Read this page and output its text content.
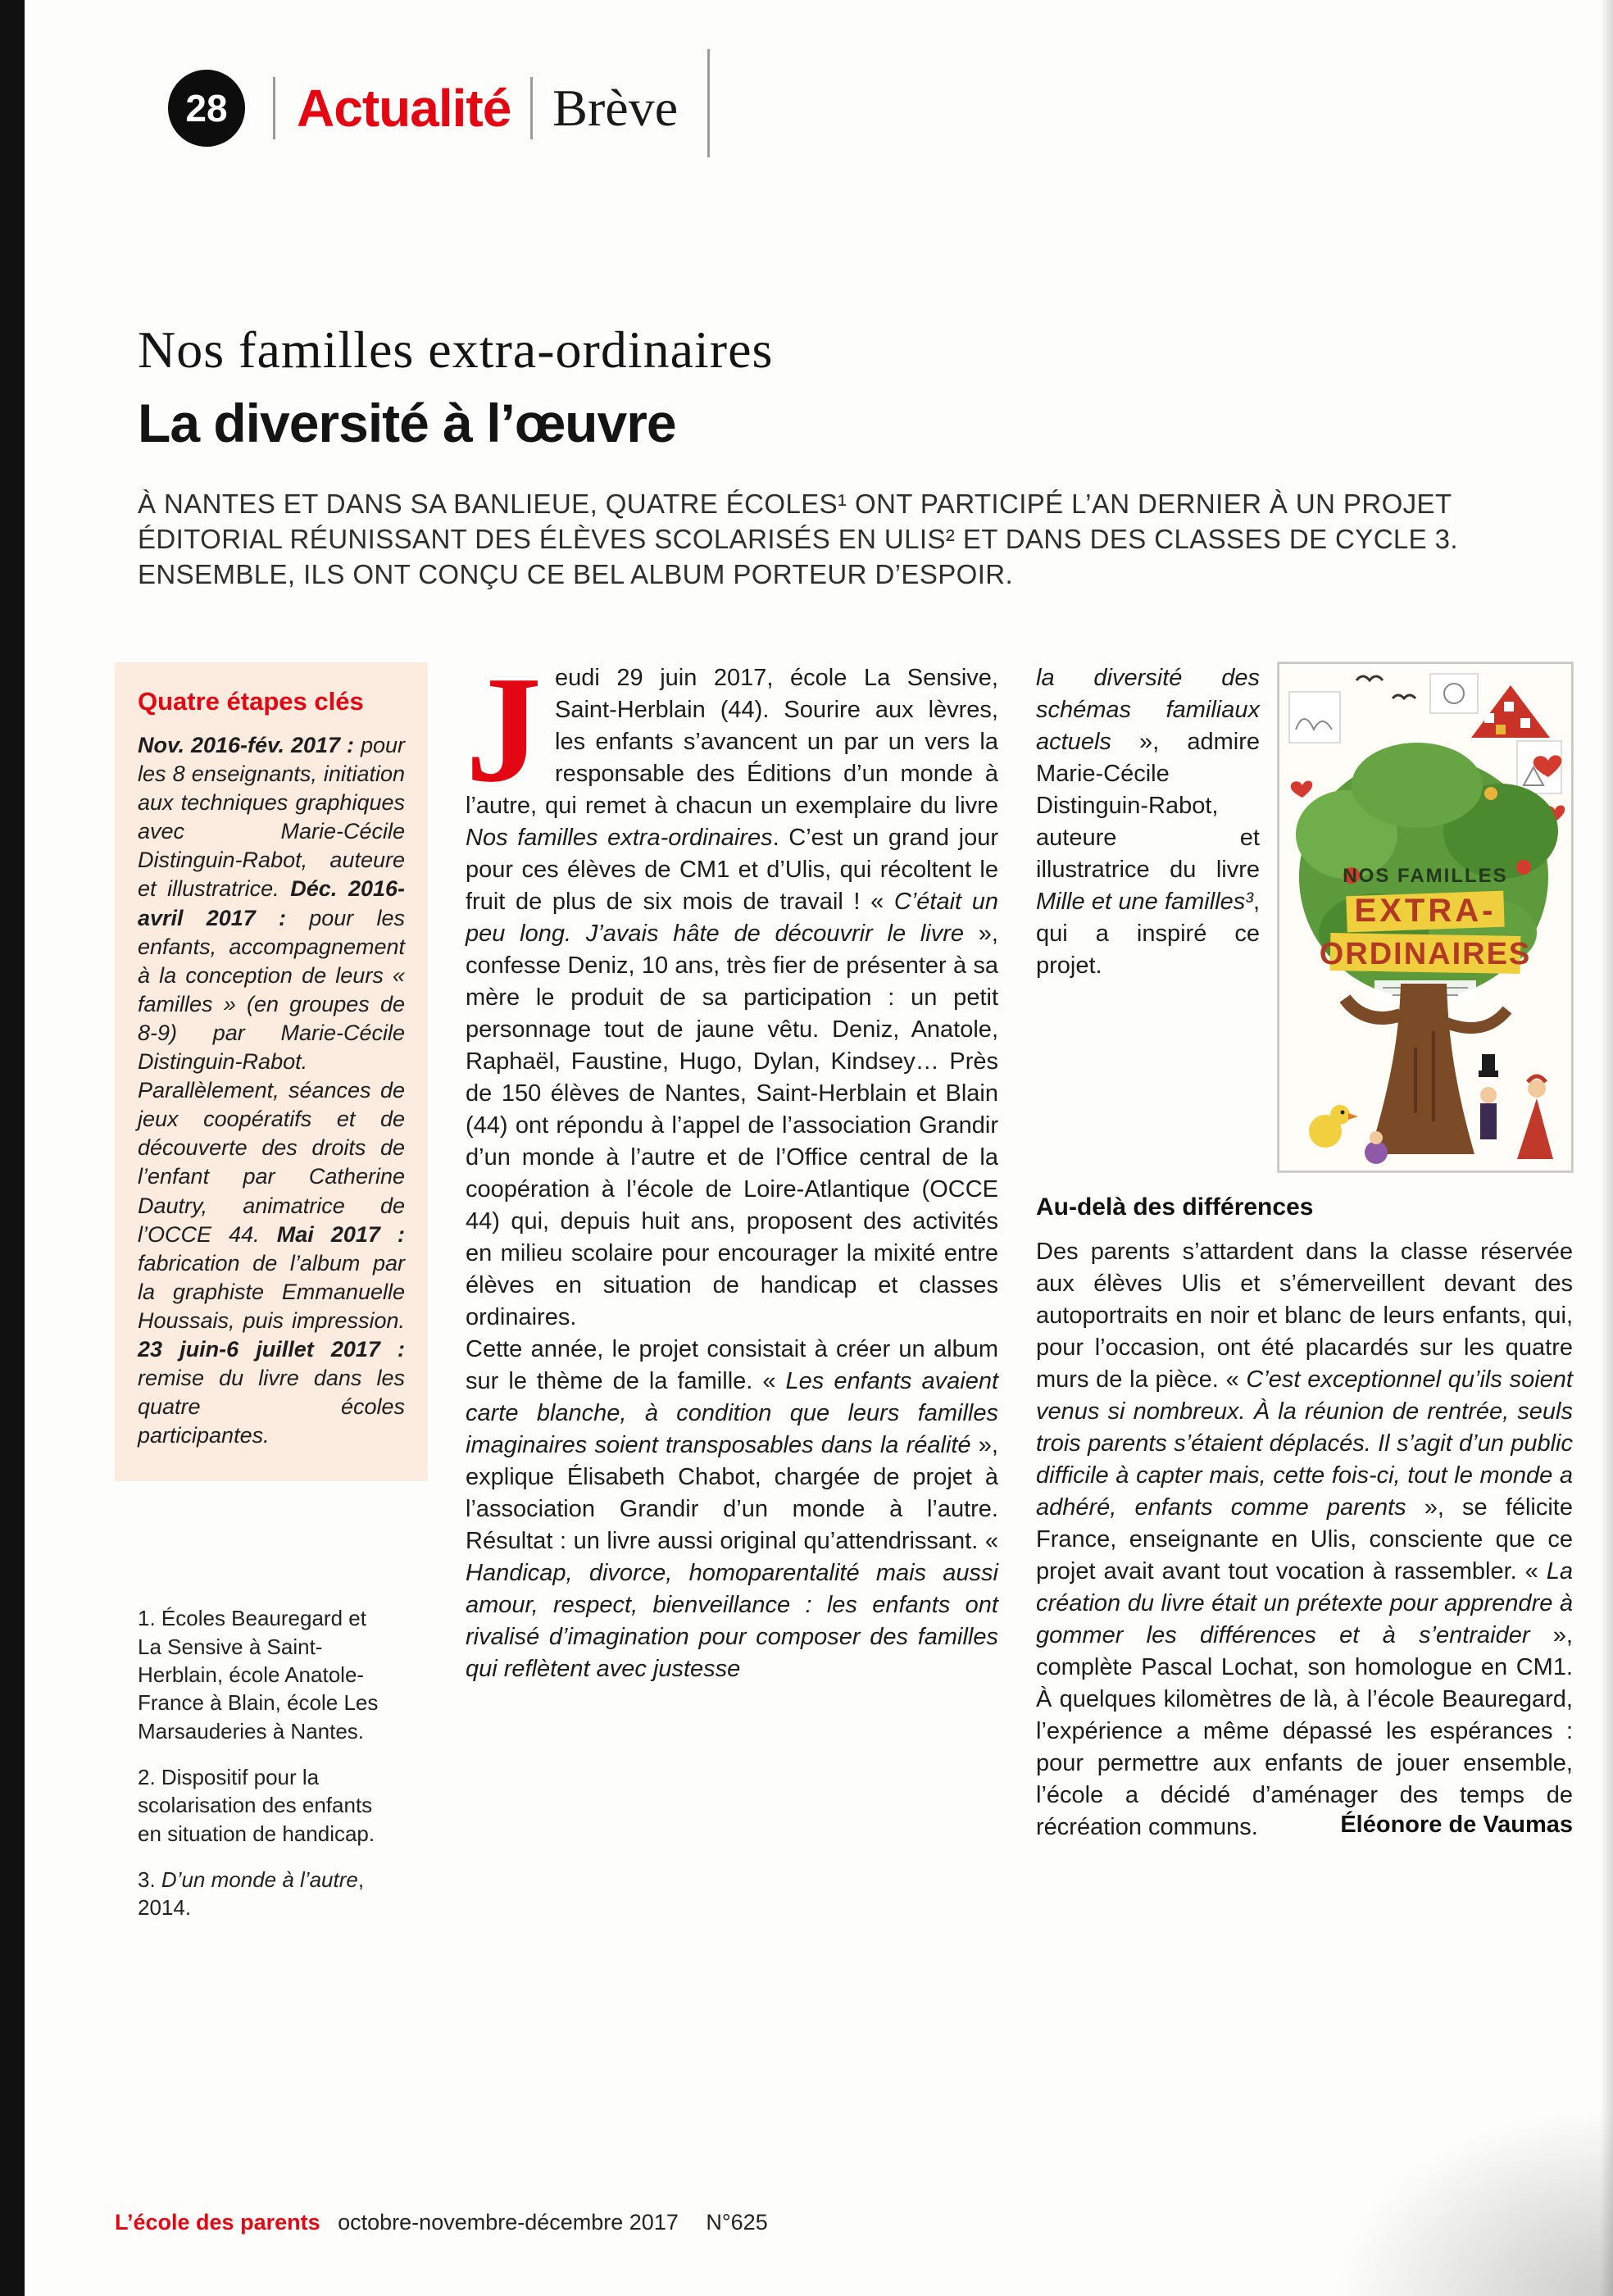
28	Actualité Brève
Nos familles extra-ordinaires
La diversité à l’œuvre

À NANTES ET DANS SA BANLIEUE, QUATRE ÉCOLES¹ ONT PARTICIPÉ L’AN DERNIER À UN PROJET ÉDITORIAL RÉUNISSANT DES ÉLÈVES SCOLARISÉS EN ULIS² ET DANS DES CLASSES DE CYCLE 3. ENSEMBLE, ILS ONT CONÇU CE BEL ALBUM PORTEUR D’ESPOIR.

Quatre étapes clés

Nov. 2016-fév. 2017 : pour les 8 enseignants, initiation aux techniques graphiques avec Marie-Cécile Distinguin-Rabot, auteure et illustratrice. Déc. 2016-avril 2017 : pour les enfants, accompagnement à la conception de leurs « familles » (en groupes de 8-9) par Marie-Cécile Distinguin-Rabot. Parallèlement, séances de jeux coopératifs et de découverte des droits de l’enfant par Catherine Dautry, animatrice de l’OCCE 44. Mai 2017 : fabrication de l’album par la graphiste Emmanuelle Houssais, puis impression. 23 juin-6 juillet 2017 : remise du livre dans les quatre écoles participantes.

1. Écoles Beauregard et La Sensive à Saint-Herblain, école Anatole-France à Blain, école Les Marsauderies à Nantes.

2. Dispositif pour la scolarisation des enfants en situation de handicap.

3. D’un monde à l’autre, 2014.

Jeudi 29 juin 2017, école La Sensive, Saint-Herblain (44). Sourire aux lèvres, les enfants s’avancent un par un vers la responsable des Éditions d’un monde à l’autre, qui remet à chacun un exemplaire du livre Nos familles extra-ordinaires. C’est un grand jour pour ces élèves de CM1 et d’Ulis, qui récoltent le fruit de plus de six mois de travail ! « C’était un peu long. J’avais hâte de découvrir le livre », confesse Deniz, 10 ans, très fier de présenter à sa mère le produit de sa participation : un petit personnage tout de jaune vêtu. Deniz, Anatole, Raphaël, Faustine, Hugo, Dylan, Kindsey… Près de 150 élèves de Nantes, Saint-Herblain et Blain (44) ont répondu à l’appel de l’association Grandir d’un monde à l’autre et de l’Office central de la coopération à l’école de Loire-Atlantique (OCCE 44) qui, depuis huit ans, proposent des activités en milieu scolaire pour encourager la mixité entre élèves en situation de handicap et classes ordinaires.

Cette année, le projet consistait à créer un album sur le thème de la famille. « Les enfants avaient carte blanche, à condition que leurs familles imaginaires soient transposables dans la réalité », explique Élisabeth Chabot, chargée de projet à l’association Grandir d’un monde à l’autre. Résultat : un livre aussi original qu’attendrissant. « Handicap, divorce, homoparentalité mais aussi amour, respect, bienveillance : les enfants ont rivalisé d’imagination pour composer des familles qui reflètent avec justesse

NOS FAMILLES
EXTRA-
ORDINAIRES

la diversité des schémas familiaux actuels », admire Marie-Cécile Distinguin-Rabot, auteure et illustratrice du livre Mille et une familles³, qui a inspiré ce projet.

Au-delà des différences

Des parents s’attardent dans la classe réservée aux élèves Ulis et s’émerveillent devant des autoportraits en noir et blanc de leurs enfants, qui, pour l’occasion, ont été placardés sur les quatre murs de la pièce. « C’est exceptionnel qu’ils soient venus si nombreux. À la réunion de rentrée, seuls trois parents s’étaient déplacés. Il s’agit d’un public difficile à capter mais, cette fois-ci, tout le monde a adhéré, enfants comme parents », se félicite France, enseignante en Ulis, consciente que ce projet avait avant tout vocation à rassembler. « La création du livre était un prétexte pour apprendre à gommer les différences et à s’entraider », complète Pascal Lochat, son homologue en CM1. À quelques kilomètres de là, à l’école Beauregard, l’expérience a même dépassé les espérances : pour permettre aux enfants de jouer ensemble, l’école a décidé d’aménager des temps de récréation communs.	Éléonore de Vaumas

L’école des parents octobre-novembre-décembre 2017 N°625
